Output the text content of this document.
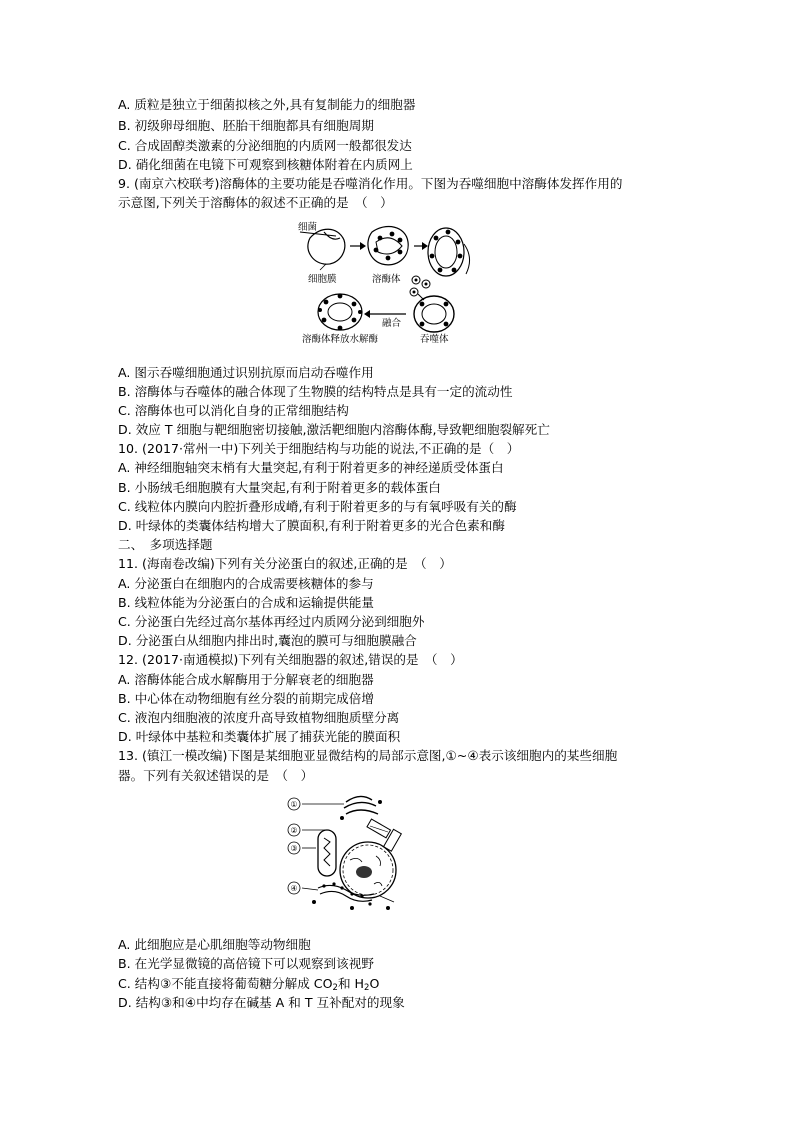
A. 质粒是独立于细菌拟核之外,具有复制能力的细胞器
B. 初级卵母细胞、胚胎干细胞都具有细胞周期
C. 合成固醇类激素的分泌细胞的内质网一般都很发达
D. 硝化细菌在电镜下可观察到核糖体附着在内质网上
9. (南京六校联考)溶酶体的主要功能是吞噬消化作用。下图为吞噬细胞中溶酶体发挥作用的
示意图,下列关于溶酶体的叙述不正确的是　（　）
细菌
细胞膜	溶酶体
融合
溶酶体释放水解酶	吞噬体
A. 图示吞噬细胞通过识别抗原而启动吞噬作用
B. 溶酶体与吞噬体的融合体现了生物膜的结构特点是具有一定的流动性
C. 溶酶体也可以消化自身的正常细胞结构
D. 效应 T 细胞与靶细胞密切接触,激活靶细胞内溶酶体酶,导致靶细胞裂解死亡
10. (2017·常州一中)下列关于细胞结构与功能的说法,不正确的是（　）
A. 神经细胞轴突末梢有大量突起,有利于附着更多的神经递质受体蛋白
B. 小肠绒毛细胞膜有大量突起,有利于附着更多的载体蛋白
C. 线粒体内膜向内腔折叠形成嵴,有利于附着更多的与有氧呼吸有关的酶
D. 叶绿体的类囊体结构增大了膜面积,有利于附着更多的光合色素和酶
二、　多项选择题
11. (海南卷改编)下列有关分泌蛋白的叙述,正确的是　（　）
A. 分泌蛋白在细胞内的合成需要核糖体的参与
B. 线粒体能为分泌蛋白的合成和运输提供能量
C. 分泌蛋白先经过高尔基体再经过内质网分泌到细胞外
D. 分泌蛋白从细胞内排出时,囊泡的膜可与细胞膜融合
12. (2017·南通模拟)下列有关细胞器的叙述,错误的是　（　）
A. 溶酶体能合成水解酶用于分解衰老的细胞器
B. 中心体在动物细胞有丝分裂的前期完成倍增
C. 液泡内细胞液的浓度升高导致植物细胞质壁分离
D. 叶绿体中基粒和类囊体扩展了捕获光能的膜面积
13. (镇江一模改编)下图是某细胞亚显微结构的局部示意图,①~④表示该细胞内的某些细胞
器。下列有关叙述错误的是　（　）
①
②
③
④
A. 此细胞应是心肌细胞等动物细胞
B. 在光学显微镜的高倍镜下可以观察到该视野
C. 结构③不能直接将葡萄糖分解成 $CO_2$和 $H_2O$
D. 结构③和④中均存在碱基 A 和 T 互补配对的现象
